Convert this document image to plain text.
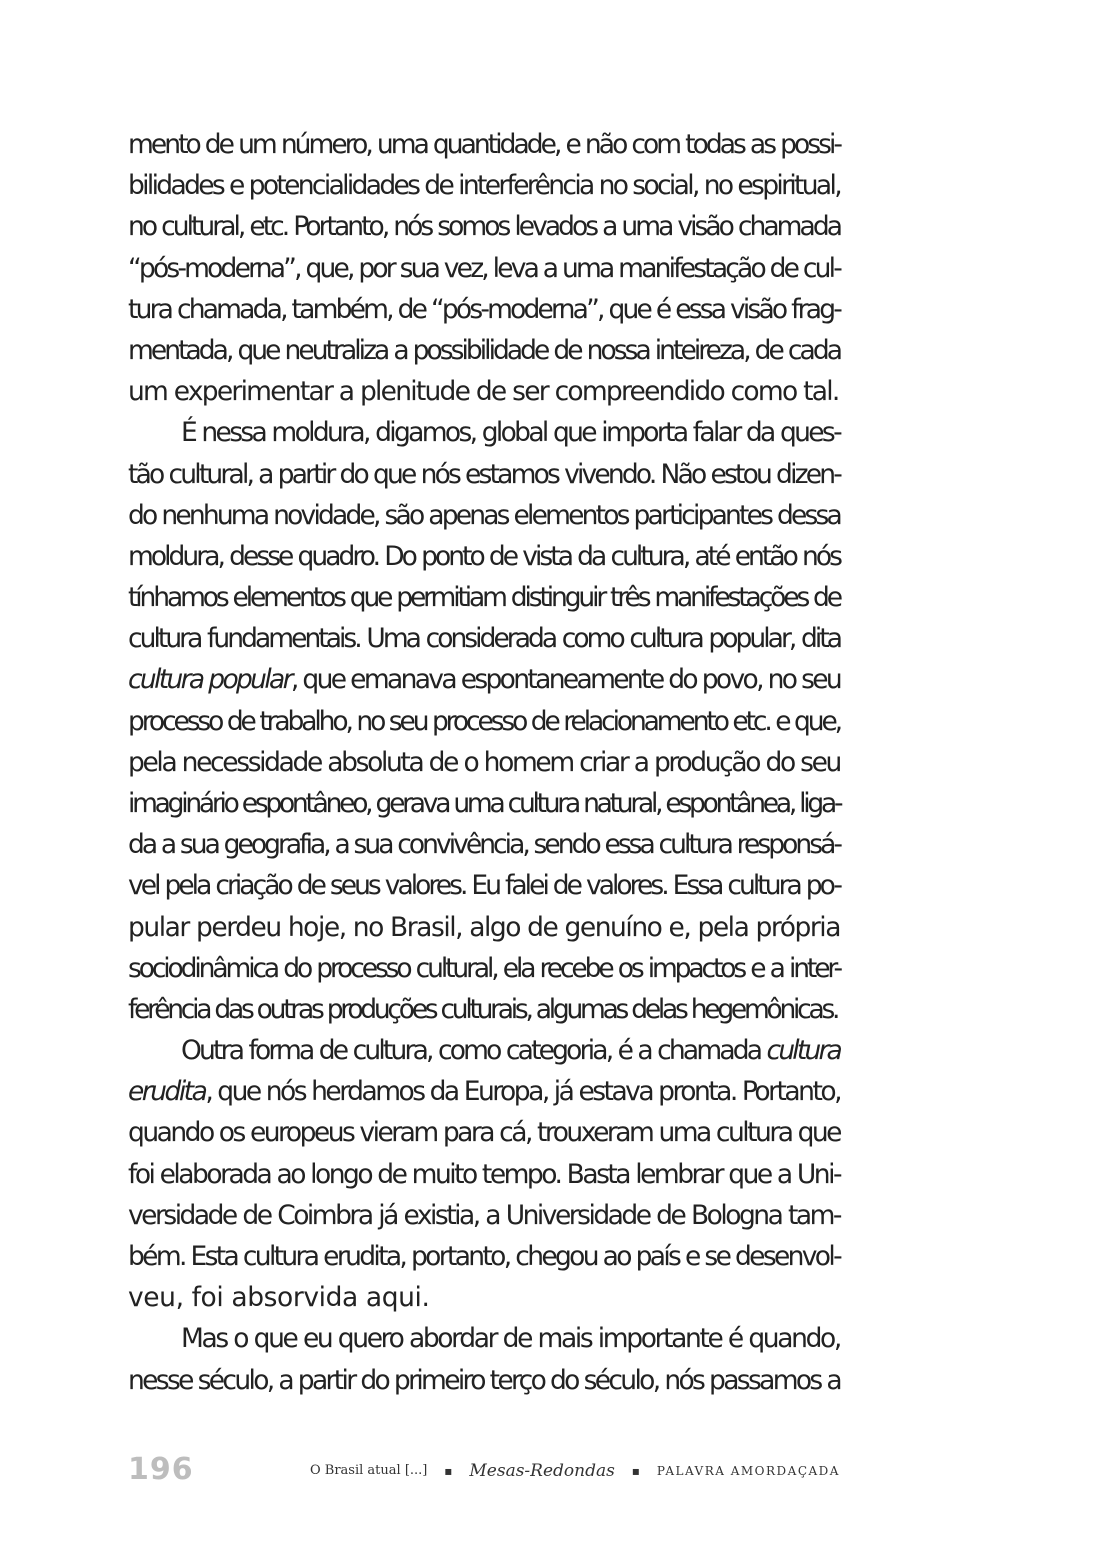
mento de um número, uma quantidade, e não com todas as possi-
bilidades e potencialidades de interferência no social, no espiritual,
no cultural, etc. Portanto, nós somos levados a uma visão chamada
“pós-moderna”, que, por sua vez, leva a uma manifestação de cul-
tura chamada, também, de “pós-moderna”, que é essa visão frag-
mentada, que neutraliza a possibilidade de nossa inteireza, de cada
um experimentar a plenitude de ser compreendido como tal.
É nessa moldura, digamos, global que importa falar da ques-
tão cultural, a partir do que nós estamos vivendo. Não estou dizen-
do nenhuma novidade, são apenas elementos participantes dessa
moldura, desse quadro. Do ponto de vista da cultura, até então nós
tínhamos elementos que permitiam distinguir três manifestações de
cultura fundamentais. Uma considerada como cultura popular, dita
cultura popular, que emanava espontaneamente do povo, no seu
processo de trabalho, no seu processo de relacionamento etc. e que,
pela necessidade absoluta de o homem criar a produção do seu
imaginário espontâneo, gerava uma cultura natural, espontânea, liga-
da a sua geografia, a sua convivência, sendo essa cultura responsá-
vel pela criação de seus valores. Eu falei de valores. Essa cultura po-
pular perdeu hoje, no Brasil, algo de genuíno e, pela própria
sociodinâmica do processo cultural, ela recebe os impactos e a inter-
ferência das outras produções culturais, algumas delas hegemônicas.
Outra forma de cultura, como categoria, é a chamada cultura
erudita, que nós herdamos da Europa, já estava pronta. Portanto,
quando os europeus vieram para cá, trouxeram uma cultura que
foi elaborada ao longo de muito tempo. Basta lembrar que a Uni-
versidade de Coimbra já existia, a Universidade de Bologna tam-
bém. Esta cultura erudita, portanto, chegou ao país e se desenvol-
veu, foi absorvida aqui.
Mas o que eu quero abordar de mais importante é quando,
nesse século, a partir do primeiro terço do século, nós passamos a
196	O Brasil atual [...] ▪ Mesas-Redondas ▪ PALAVRA AMORDAÇADA
